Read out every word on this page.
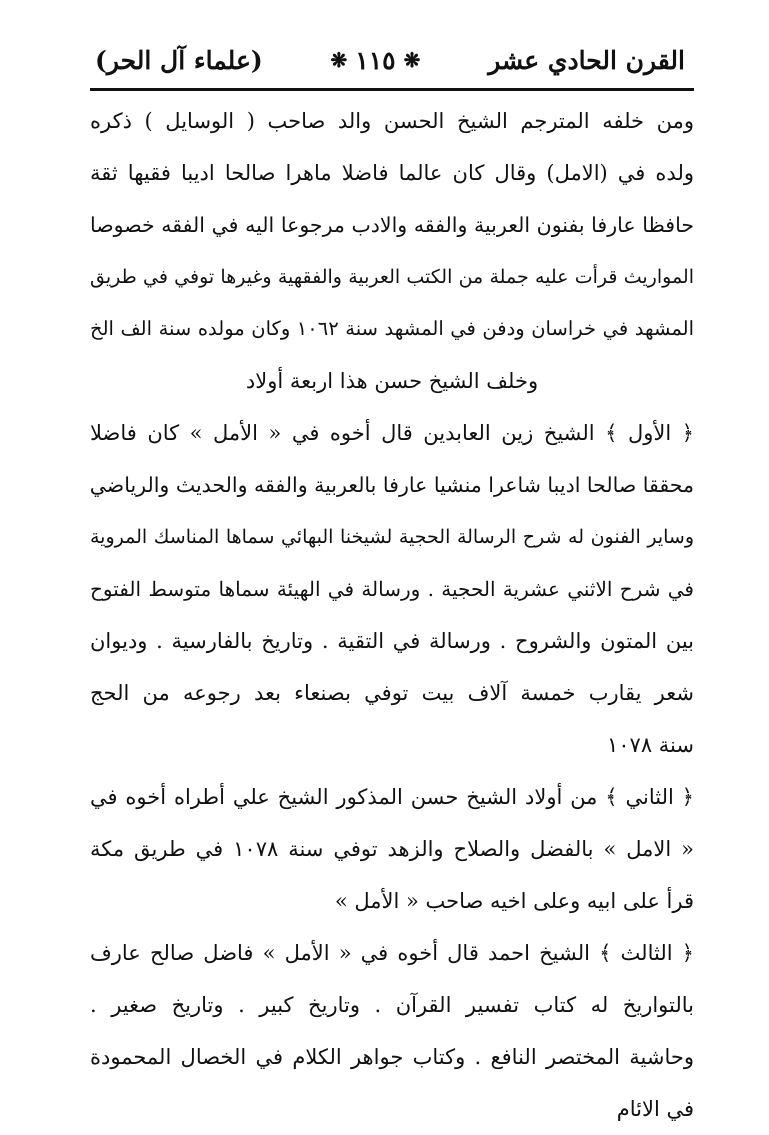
القرن الحادي عشر
❋
١١٥
❋
(علماء آل الحر)
ومن خلفه المترجم الشيخ الحسن والد صاحب ( الوسايل ) ذكره
ولده في (الامل) وقال كان عالما فاضلا ماهرا صالحا اديبا فقيها ثقة
حافظا عارفا بفنون العربية والفقه والادب مرجوعا اليه في الفقه خصوصا
المواريث قرأت عليه جملة من الكتب العربية والفقهية وغيرها توفي في طريق
المشهد في خراسان ودفن في المشهد سنة ١٠٦٢ وكان مولده سنة الف الخ
وخلف الشيخ حسن هذا اربعة أولاد
﴿ الأول ﴾ الشيخ زين العابدين قال أخوه في « الأمل » كان فاضلا
محققا صالحا اديبا شاعرا منشيا عارفا بالعربية والفقه والحديث والرياضي
وساير الفنون له شرح الرسالة الحجية لشيخنا البهائي سماها المناسك المروية
في شرح الاثني عشرية الحجية . ورسالة في الهيئة سماها متوسط الفتوح
بين المتون والشروح . ورسالة في التقية . وتاريخ بالفارسية . وديوان
شعر يقارب خمسة آلاف بيت توفي بصنعاء بعد رجوعه من الحج
سنة ١٠٧٨
﴿ الثاني ﴾ من أولاد الشيخ حسن المذكور الشيخ علي أطراه أخوه في
« الامل » بالفضل والصلاح والزهد توفي سنة ١٠٧٨ في طريق مكة
قرأ على ابيه وعلى اخيه صاحب « الأمل »
﴿ الثالث ﴾ الشيخ احمد قال أخوه في « الأمل » فاضل صالح عارف
بالتواريخ له كتاب تفسير القرآن . وتاريخ كبير . وتاريخ صغير .
وحاشية المختصر النافع . وكتاب جواهر الكلام في الخصال المحمودة
في الائام
